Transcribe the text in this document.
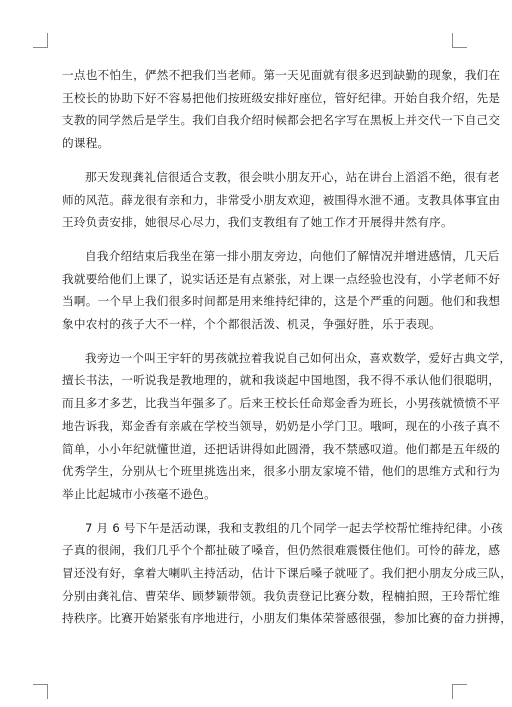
一点也不怕生，俨然不把我们当老师。第一天见面就有很多迟到缺勤的现象，我们在
王校长的协助下好不容易把他们按班级安排好座位，管好纪律。开始自我介绍，先是
支教的同学然后是学生。我们自我介绍时候都会把名字写在黑板上并交代一下自己交
的课程。

那天发现龚礼信很适合支教，很会哄小朋友开心，站在讲台上滔滔不绝，很有老
师的风范。薛龙很有亲和力，非常受小朋友欢迎，被围得水泄不通。支教具体事宜由
王玲负责安排，她很尽心尽力，我们支教组有了她工作才开展得井然有序。

自我介绍结束后我坐在第一排小朋友旁边，向他们了解情况并增进感情，几天后
我就要给他们上课了，说实话还是有点紧张，对上课一点经验也没有，小学老师不好
当啊。一个早上我们很多时间都是用来维持纪律的，这是个严重的问题。他们和我想
象中农村的孩子大不一样，个个都很活泼、机灵，争强好胜，乐于表现。

我旁边一个叫王宇轩的男孩就拉着我说自己如何出众，喜欢数学，爱好古典文学，
擅长书法，一听说我是教地理的，就和我谈起中国地图，我不得不承认他们很聪明，
而且多才多艺，比我当年强多了。后来王校长任命郑金香为班长，小男孩就愤愤不平
地告诉我，郑金香有亲戚在学校当领导，奶奶是小学门卫。哦呵，现在的小孩子真不
简单，小小年纪就懂世道，还把话讲得如此圆滑，我不禁感叹道。他们都是五年级的
优秀学生，分别从七个班里挑选出来，很多小朋友家境不错，他们的思维方式和行为
举止比起城市小孩毫不逊色。

7 月 6 号下午是活动课，我和支教组的几个同学一起去学校帮忙维持纪律。小孩
子真的很闹，我们几乎个个都扯破了嗓音，但仍然很难震慑住他们。可怜的薛龙，感
冒还没有好，拿着大喇叭主持活动，估计下课后嗓子就哑了。我们把小朋友分成三队，
分别由龚礼信、曹荣华、顾梦颖带领。我负责登记比赛分数，程楠拍照，王玲帮忙维
持秩序。比赛开始紧张有序地进行，小朋友们集体荣誉感很强，参加比赛的奋力拼搏，
